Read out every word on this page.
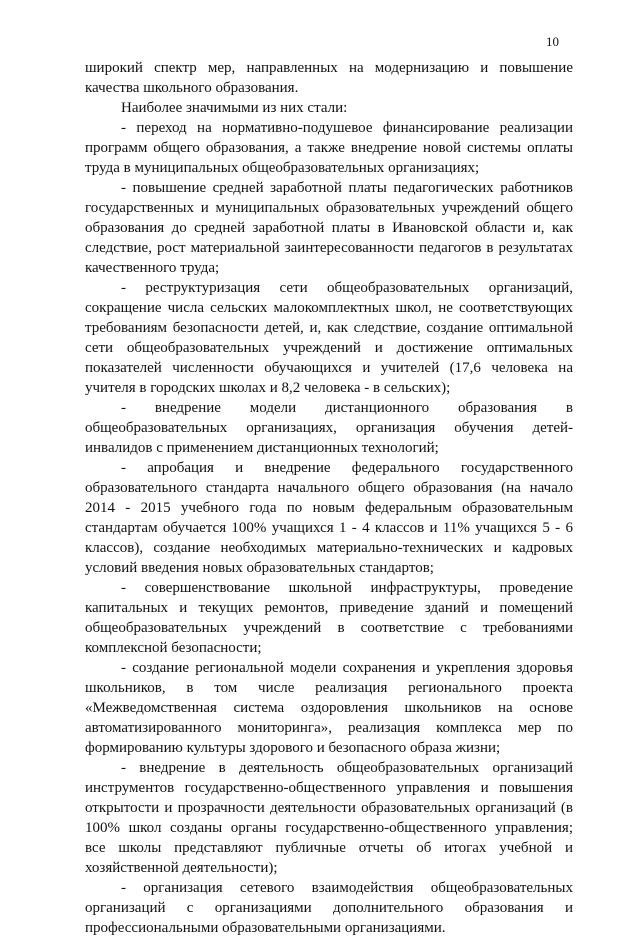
10
широкий спектр мер, направленных на модернизацию и повышение
качества школьного образования.
Наиболее значимыми из них стали:
- переход на нормативно-подушевое финансирование реализации
программ общего образования, а также внедрение новой системы оплаты
труда в муниципальных общеобразовательных организациях;
- повышение средней заработной платы педагогических работников
государственных и муниципальных образовательных учреждений общего
образования до средней заработной платы в Ивановской области и, как
следствие, рост материальной заинтересованности педагогов в результатах
качественного труда;
- реструктуризация сети общеобразовательных организаций,
сокращение числа сельских малокомплектных школ, не соответствующих
требованиям безопасности детей, и, как следствие, создание оптимальной
сети общеобразовательных учреждений и достижение оптимальных
показателей численности обучающихся и учителей (17,6 человека на
учителя в городских школах и 8,2 человека - в сельских);
- внедрение модели дистанционного образования в
общеобразовательных организациях, организация обучения детей-
инвалидов с применением дистанционных технологий;
- апробация и внедрение федерального государственного
образовательного стандарта начального общего образования (на начало
2014 - 2015 учебного года по новым федеральным образовательным
стандартам обучается 100% учащихся 1 - 4 классов и 11% учащихся 5 - 6
классов), создание необходимых материально-технических и кадровых
условий введения новых образовательных стандартов;
- совершенствование школьной инфраструктуры, проведение
капитальных и текущих ремонтов, приведение зданий и помещений
общеобразовательных учреждений в соответствие с требованиями
комплексной безопасности;
- создание региональной модели сохранения и укрепления здоровья
школьников, в том числе реализация регионального проекта
«Межведомственная система оздоровления школьников на основе
автоматизированного мониторинга», реализация комплекса мер по
формированию культуры здорового и безопасного образа жизни;
- внедрение в деятельность общеобразовательных организаций
инструментов государственно-общественного управления и повышения
открытости и прозрачности деятельности образовательных организаций (в
100% школ созданы органы государственно-общественного управления;
все школы представляют публичные отчеты об итогах учебной и
хозяйственной деятельности);
- организация сетевого взаимодействия общеобразовательных
организаций с организациями дополнительного образования и
профессиональными образовательными организациями.
